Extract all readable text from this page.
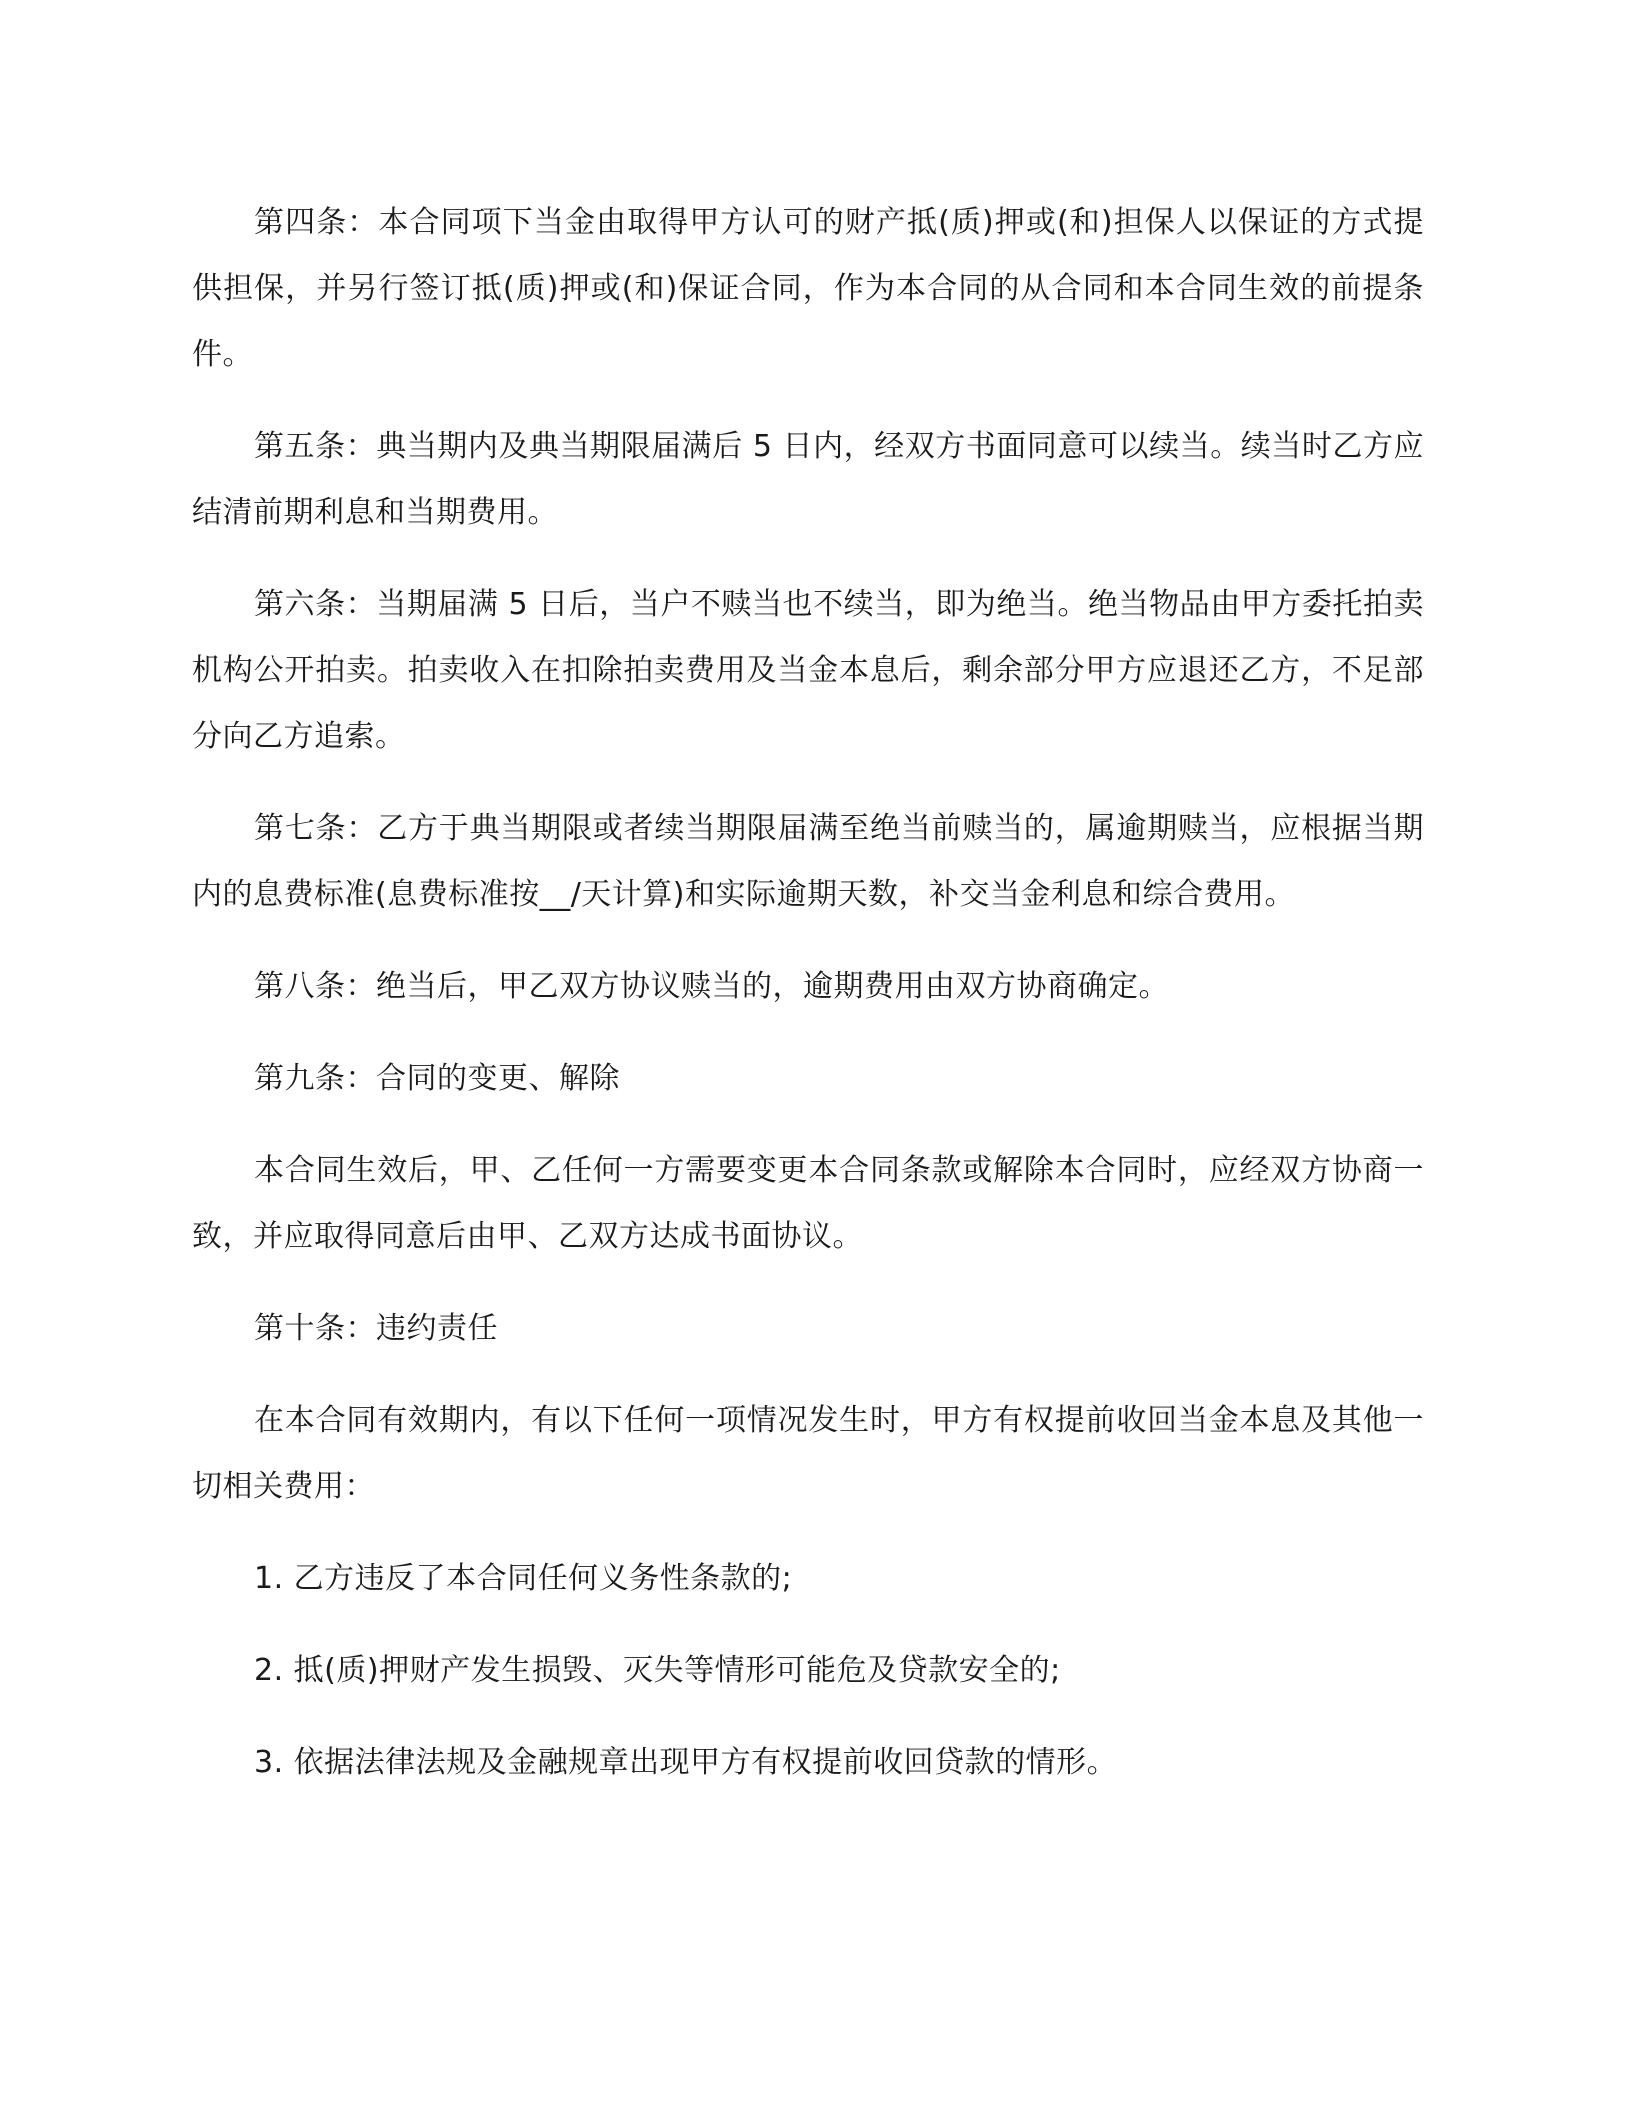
第四条：本合同项下当金由取得甲方认可的财产抵(质)押或(和)担保人以保证的方式提供担保，并另行签订抵(质)押或(和)保证合同，作为本合同的从合同和本合同生效的前提条件。

第五条：典当期内及典当期限届满后 5 日内，经双方书面同意可以续当。续当时乙方应结清前期利息和当期费用。

第六条：当期届满 5 日后，当户不赎当也不续当，即为绝当。绝当物品由甲方委托拍卖机构公开拍卖。拍卖收入在扣除拍卖费用及当金本息后，剩余部分甲方应退还乙方，不足部分向乙方追索。

第七条：乙方于典当期限或者续当期限届满至绝当前赎当的，属逾期赎当，应根据当期内的息费标准(息费标准按__/天计算)和实际逾期天数，补交当金利息和综合费用。

第八条：绝当后，甲乙双方协议赎当的，逾期费用由双方协商确定。

第九条：合同的变更、解除

本合同生效后，甲、乙任何一方需要变更本合同条款或解除本合同时，应经双方协商一致，并应取得同意后由甲、乙双方达成书面协议。

第十条：违约责任

在本合同有效期内，有以下任何一项情况发生时，甲方有权提前收回当金本息及其他一切相关费用：

1. 乙方违反了本合同任何义务性条款的;

2. 抵(质)押财产发生损毁、灭失等情形可能危及贷款安全的;

3. 依据法律法规及金融规章出现甲方有权提前收回贷款的情形。
